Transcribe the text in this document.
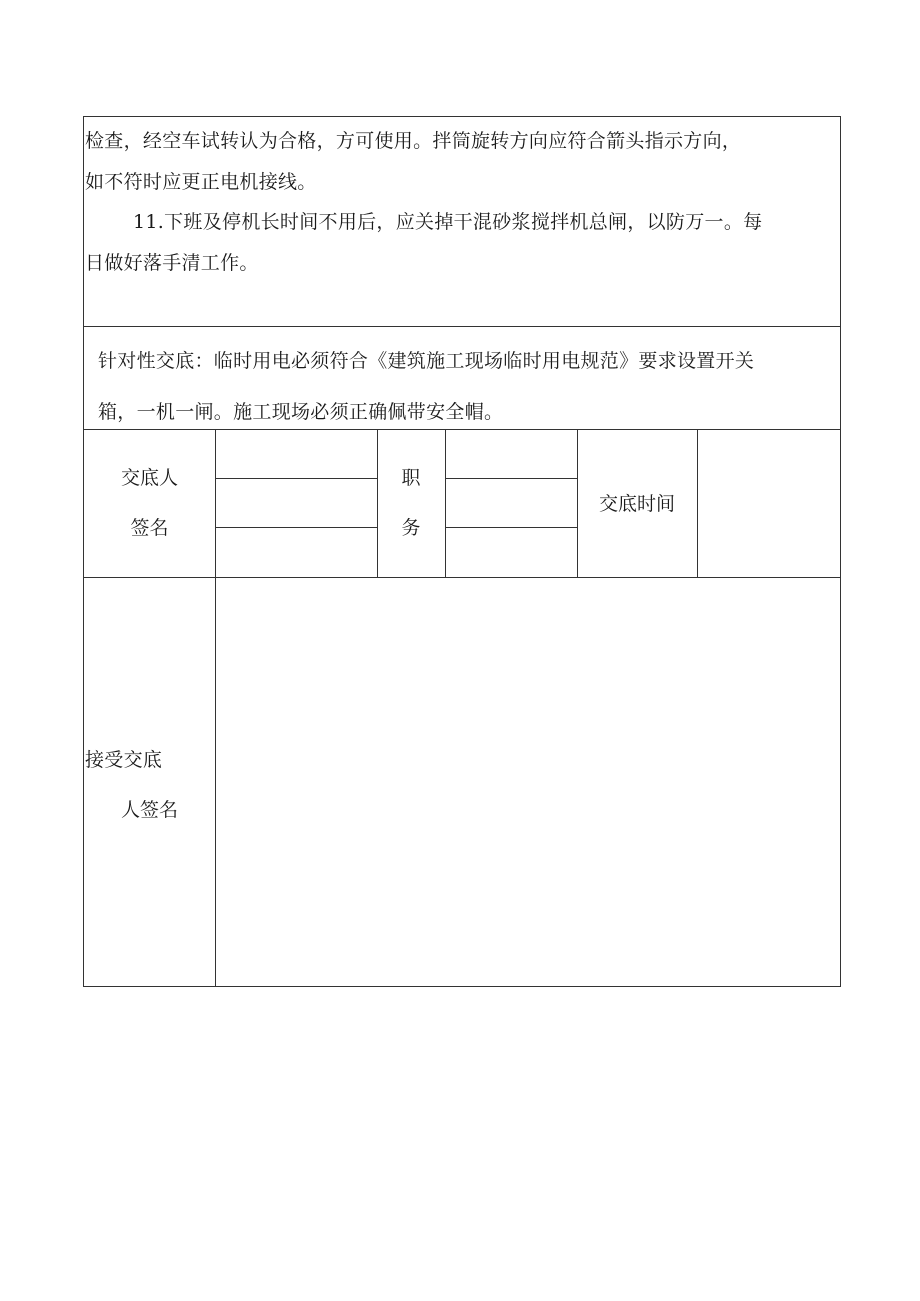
检查，经空车试转认为合格，方可使用。拌筒旋转方向应符合箭头指示方向，
如不符时应更正电机接线。
11.下班及停机长时间不用后，应关掉干混砂浆搅拌机总闸，以防万一。每
日做好落手清工作。
针对性交底：临时用电必须符合《建筑施工现场临时用电规范》要求设置开关
箱，一机一闸。施工现场必须正确佩带安全帽。
交底人
签名
职
务
交底时间
接受交底
人签名
